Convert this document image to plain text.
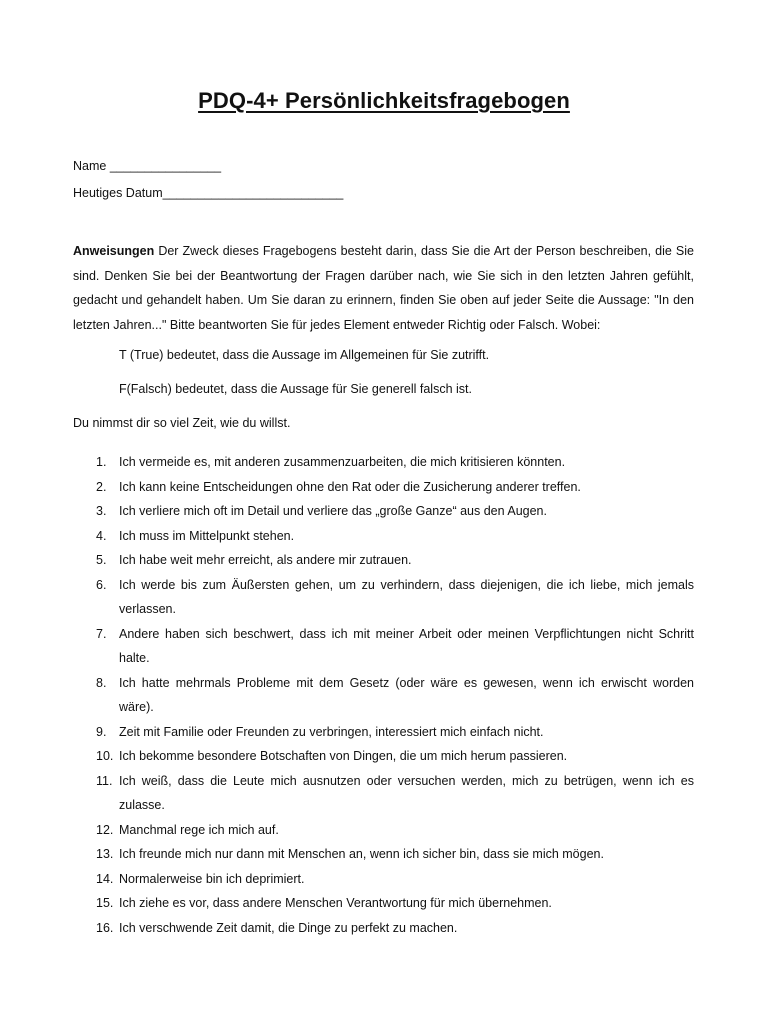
PDQ-4+ Persönlichkeitsfragebogen
Name ________________
Heutiges Datum__________________________
Anweisungen Der Zweck dieses Fragebogens besteht darin, dass Sie die Art der Person beschreiben, die Sie sind. Denken Sie bei der Beantwortung der Fragen darüber nach, wie Sie sich in den letzten Jahren gefühlt, gedacht und gehandelt haben. Um Sie daran zu erinnern, finden Sie oben auf jeder Seite die Aussage: "In den letzten Jahren..." Bitte beantworten Sie für jedes Element entweder Richtig oder Falsch. Wobei:
T (True) bedeutet, dass die Aussage im Allgemeinen für Sie zutrifft.
F(Falsch) bedeutet, dass die Aussage für Sie generell falsch ist.
Du nimmst dir so viel Zeit, wie du willst.
1. Ich vermeide es, mit anderen zusammenzuarbeiten, die mich kritisieren könnten.
2. Ich kann keine Entscheidungen ohne den Rat oder die Zusicherung anderer treffen.
3. Ich verliere mich oft im Detail und verliere das „große Ganze“ aus den Augen.
4. Ich muss im Mittelpunkt stehen.
5. Ich habe weit mehr erreicht, als andere mir zutrauen.
6. Ich werde bis zum Äußersten gehen, um zu verhindern, dass diejenigen, die ich liebe, mich jemals verlassen.
7. Andere haben sich beschwert, dass ich mit meiner Arbeit oder meinen Verpflichtungen nicht Schritt halte.
8. Ich hatte mehrmals Probleme mit dem Gesetz (oder wäre es gewesen, wenn ich erwischt worden wäre).
9. Zeit mit Familie oder Freunden zu verbringen, interessiert mich einfach nicht.
10. Ich bekomme besondere Botschaften von Dingen, die um mich herum passieren.
11. Ich weiß, dass die Leute mich ausnutzen oder versuchen werden, mich zu betrügen, wenn ich es zulasse.
12. Manchmal rege ich mich auf.
13. Ich freunde mich nur dann mit Menschen an, wenn ich sicher bin, dass sie mich mögen.
14. Normalerweise bin ich deprimiert.
15. Ich ziehe es vor, dass andere Menschen Verantwortung für mich übernehmen.
16. Ich verschwende Zeit damit, die Dinge zu perfekt zu machen.
